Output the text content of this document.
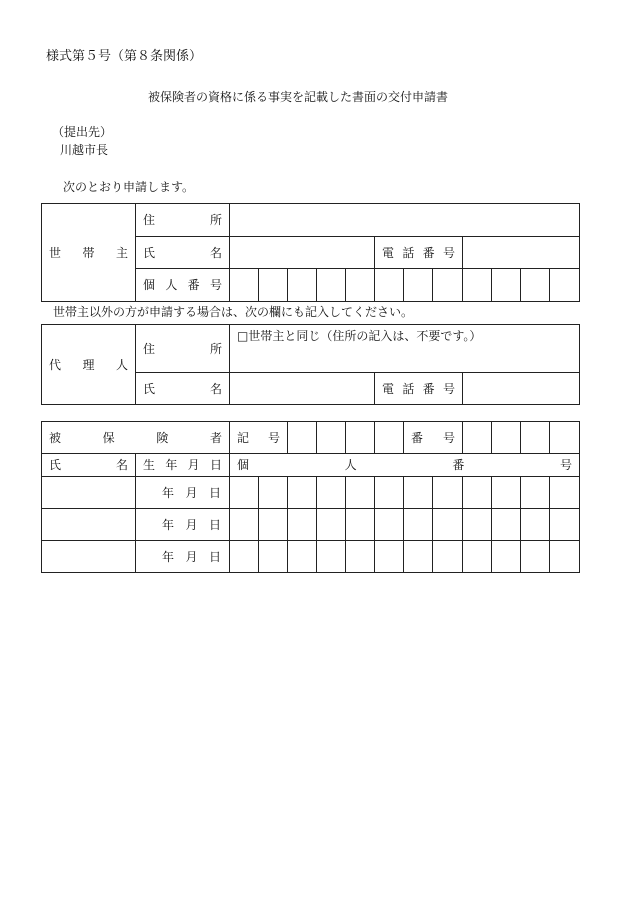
様式第５号（第８条関係）
被保険者の資格に係る事実を記載した書面の交付申請書
（提出先）
川越市長
次のとおり申請します。
世 帯 主	住 所												

	氏 名						電 話 番 号						

	個 人 番 号												

世帯主以外の方が申請する場合は、次の欄にも記入してください。
代 理 人	住 所	□世帯主と同じ（住所の記入は、不要です。）		

	氏 名		電 話 番 号	

被 保 険 者		記 号						番 号					

氏 名	生 年 月 日	個 人 番 号											

	年 月 日												

	年 月 日												

	年 月 日												
